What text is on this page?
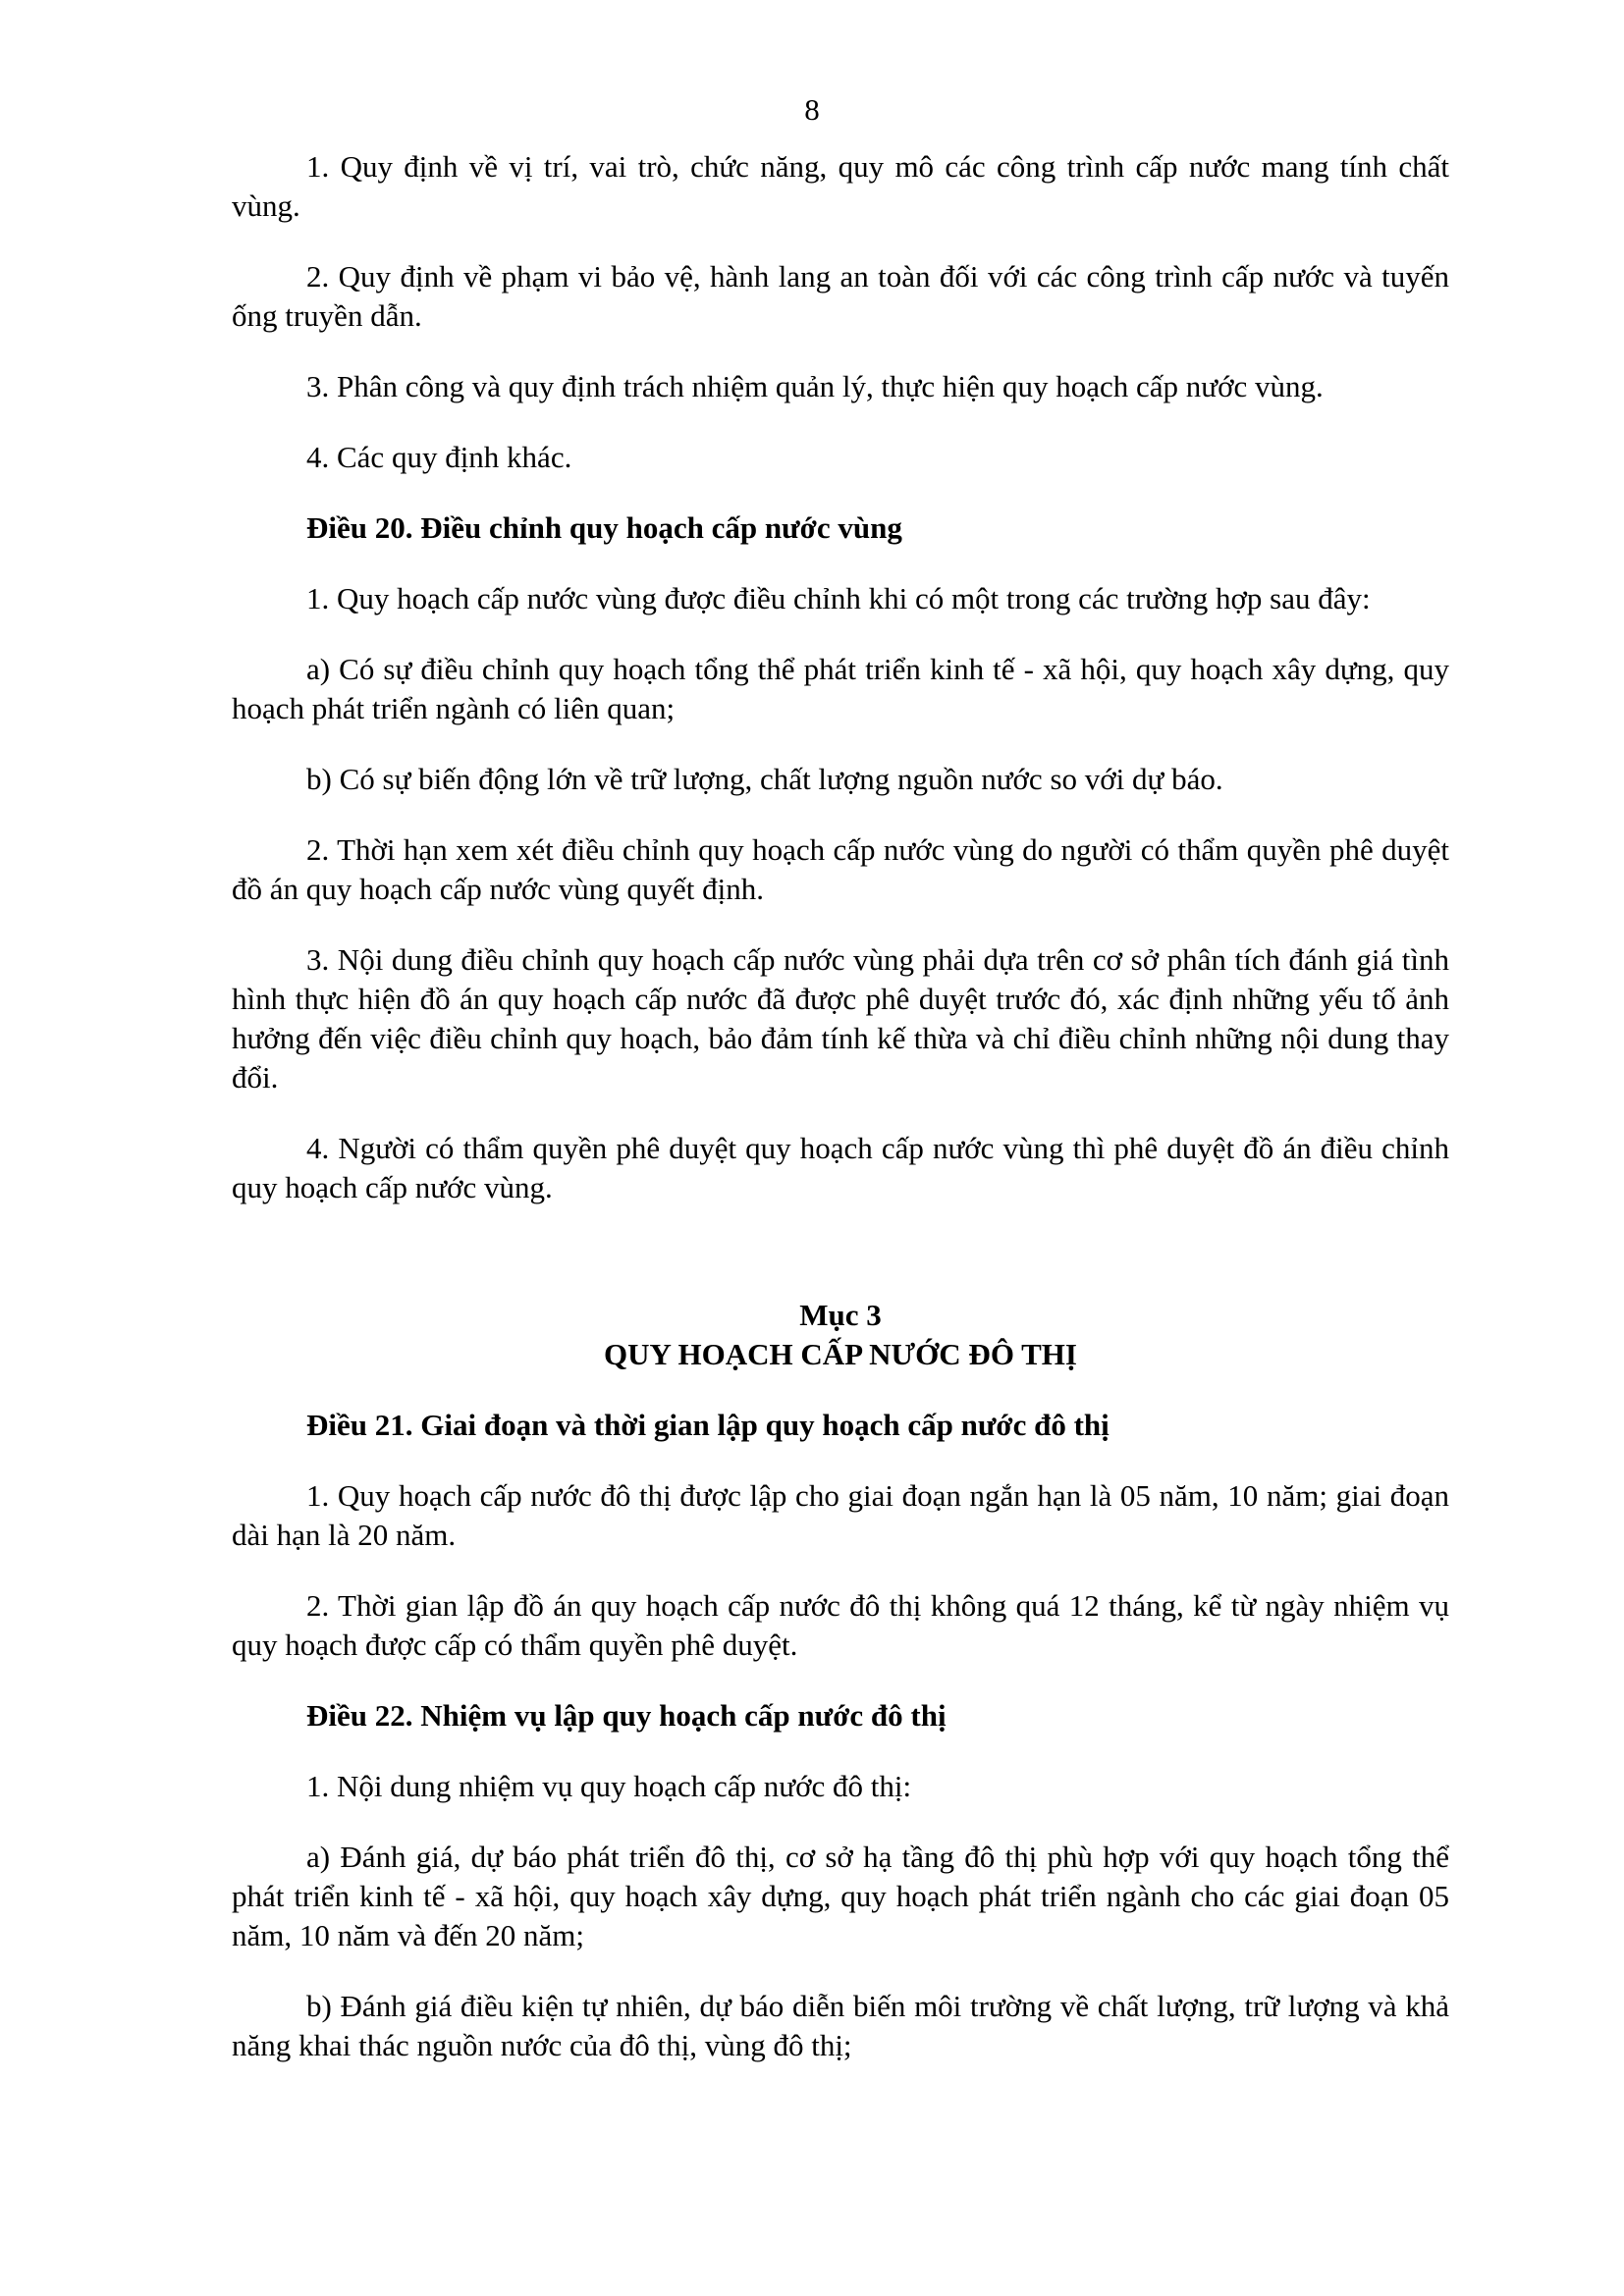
8

1. Quy định về vị trí, vai trò, chức năng, quy mô các công trình cấp nước mang tính chất vùng.

2. Quy định về phạm vi bảo vệ, hành lang an toàn đối với các công trình cấp nước và tuyến ống truyền dẫn.

3. Phân công và quy định trách nhiệm quản lý, thực hiện quy hoạch cấp nước vùng.

4. Các quy định khác.

Điều 20. Điều chỉnh quy hoạch cấp nước vùng

1. Quy hoạch cấp nước vùng được điều chỉnh khi có một trong các trường hợp sau đây:

a) Có sự điều chỉnh quy hoạch tổng thể phát triển kinh tế - xã hội, quy hoạch xây dựng, quy hoạch phát triển ngành có liên quan;

b) Có sự biến động lớn về trữ lượng, chất lượng nguồn nước so với dự báo.

2. Thời hạn xem xét điều chỉnh quy hoạch cấp nước vùng do người có thẩm quyền phê duyệt đồ án quy hoạch cấp nước vùng quyết định.

3. Nội dung điều chỉnh quy hoạch cấp nước vùng phải dựa trên cơ sở phân tích đánh giá tình hình thực hiện đồ án quy hoạch cấp nước đã được phê duyệt trước đó, xác định những yếu tố ảnh hưởng đến việc điều chỉnh quy hoạch, bảo đảm tính kế thừa và chỉ điều chỉnh những nội dung thay đổi.

4. Người có thẩm quyền phê duyệt quy hoạch cấp nước vùng thì phê duyệt đồ án điều chỉnh quy hoạch cấp nước vùng.

Mục 3
QUY HOẠCH CẤP NƯỚC ĐÔ THỊ

Điều 21. Giai đoạn và thời gian lập quy hoạch cấp nước đô thị

1. Quy hoạch cấp nước đô thị được lập cho giai đoạn ngắn hạn là 05 năm, 10 năm; giai đoạn dài hạn là 20 năm.

2. Thời gian lập đồ án quy hoạch cấp nước đô thị không quá 12 tháng, kể từ ngày nhiệm vụ quy hoạch được cấp có thẩm quyền phê duyệt.

Điều 22. Nhiệm vụ lập quy hoạch cấp nước đô thị

1. Nội dung nhiệm vụ quy hoạch cấp nước đô thị:

a) Đánh giá, dự báo phát triển đô thị, cơ sở hạ tầng đô thị phù hợp với quy hoạch tổng thể phát triển kinh tế - xã hội, quy hoạch xây dựng, quy hoạch phát triển ngành cho các giai đoạn 05 năm, 10 năm và đến 20 năm;

b) Đánh giá điều kiện tự nhiên, dự báo diễn biến môi trường về chất lượng, trữ lượng và khả năng khai thác nguồn nước của đô thị, vùng đô thị;
